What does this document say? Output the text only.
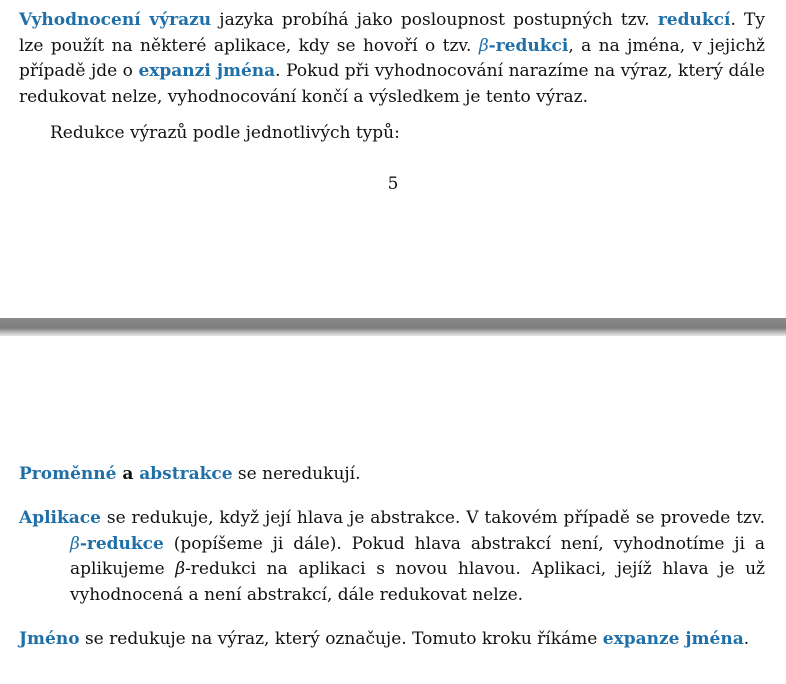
Vyhodnocení výrazu jazyka probíhá jako posloupnost postupných tzv. redukcí. Ty lze použít na některé aplikace, kdy se hovoří o tzv. β-redukci, a na jména, v jejichž případě jde o expanzi jména. Pokud při vyhodnocování narazíme na výraz, který dále redukovat nelze, vyhodnocování končí a výsledkem je tento výraz.
Redukce výrazů podle jednotlivých typů:
5
Proměnné a abstrakce se neredukují.
Aplikace se redukuje, když její hlava je abstrakce. V takovém případě se provede tzv. β-redukce (popíšeme ji dále). Pokud hlava abstrakcí není, vyhodnotíme ji a aplikujeme β-redukci na aplikaci s novou hlavou. Aplikaci, jejíž hlava je už vyhodnocená a není abstrakcí, dále redukovat nelze.
Jméno se redukuje na výraz, který označuje. Tomuto kroku říkáme expanze jména.
